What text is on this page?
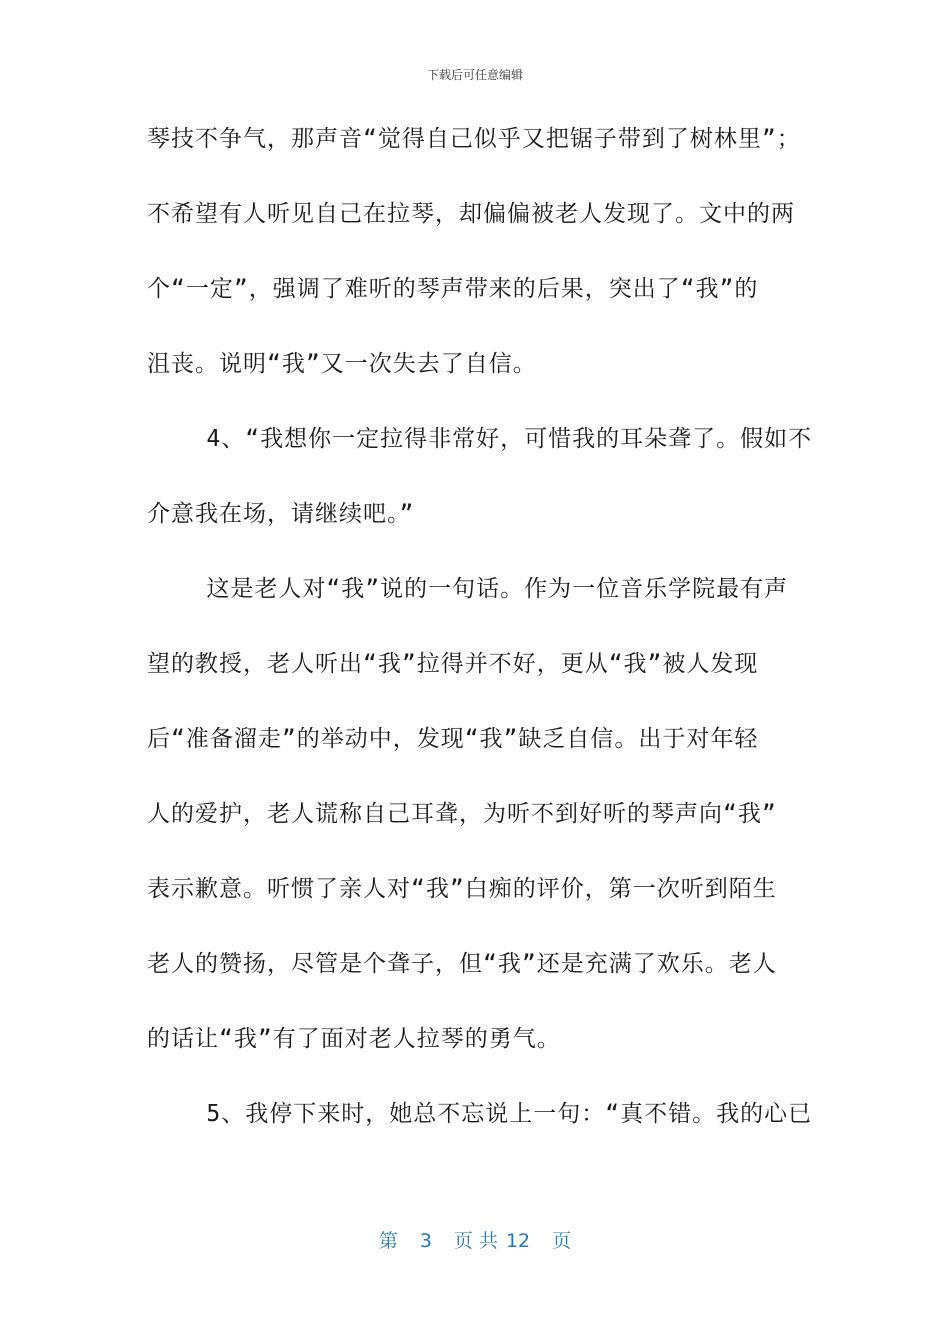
下载后可任意编辑
琴技不争气，那声音“觉得自己似乎又把锯子带到了树林里”；
不希望有人听见自己在拉琴，却偏偏被老人发现了。文中的两
个“一定”，强调了难听的琴声带来的后果，突出了“我”的
沮丧。说明“我”又一次失去了自信。
4、“我想你一定拉得非常好，可惜我的耳朵聋了。假如不
介意我在场，请继续吧。”
这是老人对“我”说的一句话。作为一位音乐学院最有声
望的教授，老人听出“我”拉得并不好，更从“我”被人发现
后“准备溜走”的举动中，发现“我”缺乏自信。出于对年轻
人的爱护，老人谎称自己耳聋，为听不到好听的琴声向“我”
表示歉意。听惯了亲人对“我”白痴的评价，第一次听到陌生
老人的赞扬，尽管是个聋子，但“我”还是充满了欢乐。老人
的话让“我”有了面对老人拉琴的勇气。
5、我停下来时，她总不忘说上一句：“真不错。我的心已
第 3 页 共 12 页
